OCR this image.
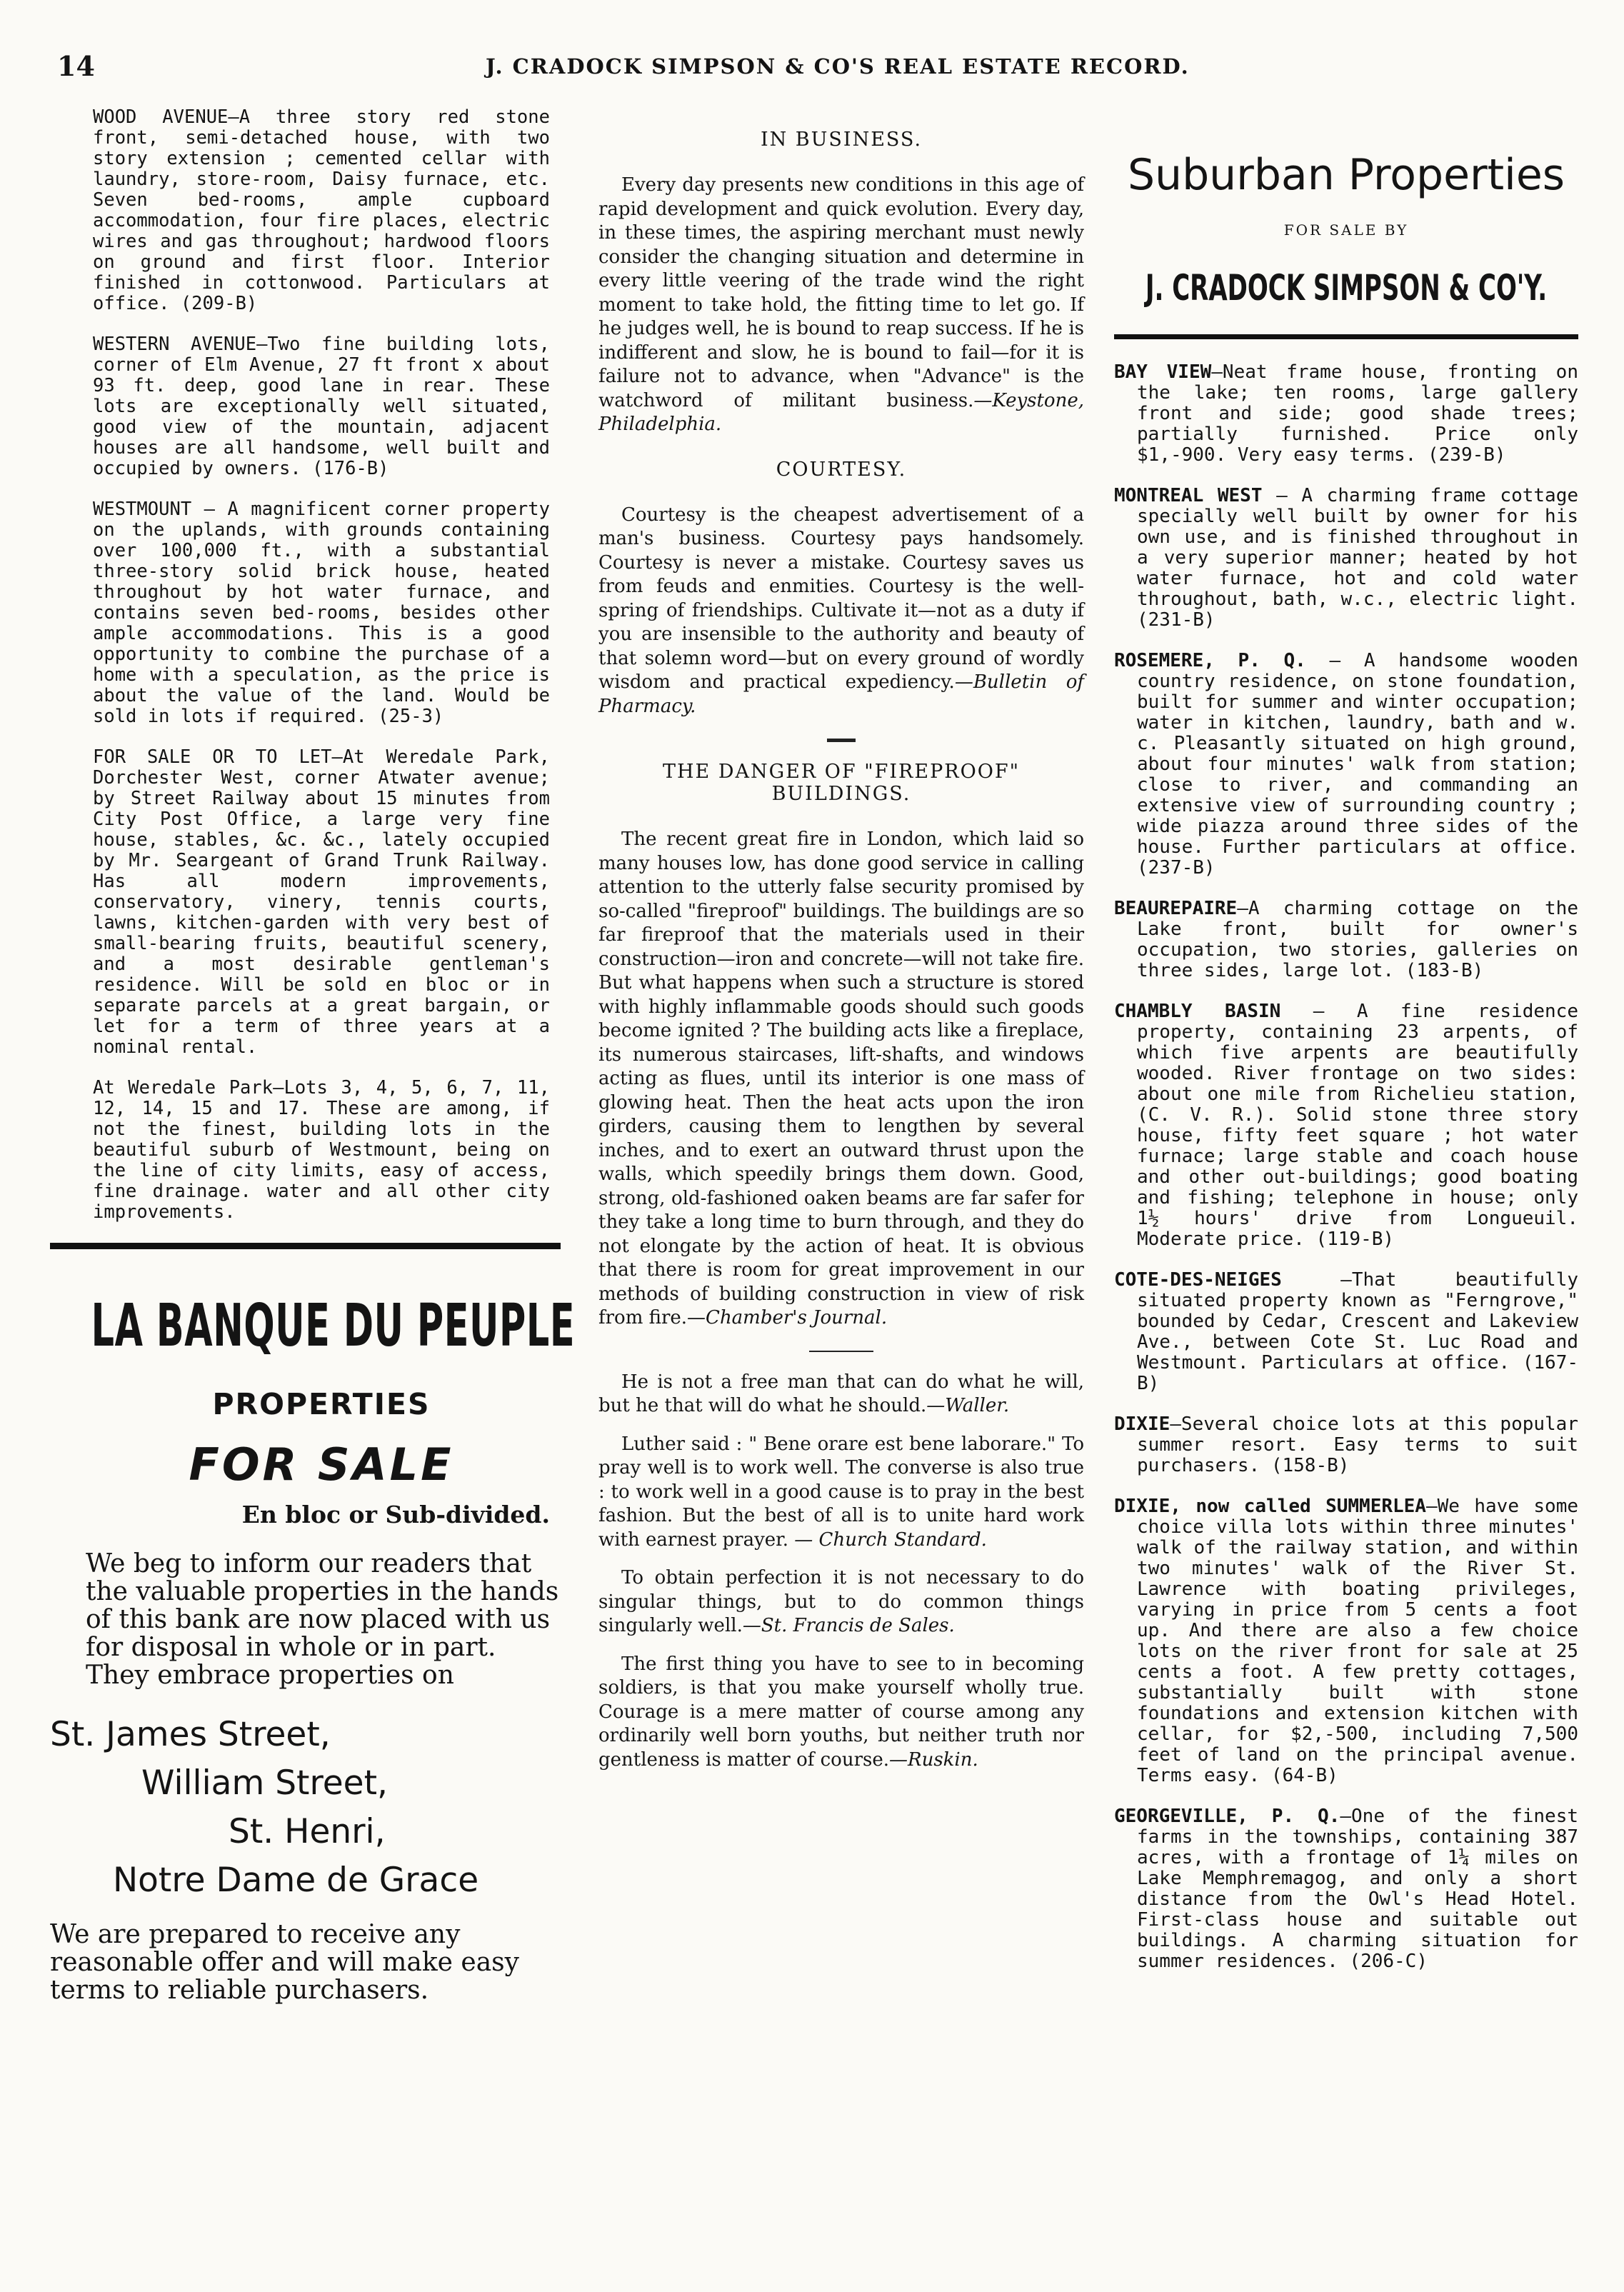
14	J. CRADOCK SIMPSON & CO'S REAL ESTATE RECORD.

WOOD AVENUE—A three story red stone front, semi-detached house, with two story extension ; cemented cellar with laundry, store-room, Daisy furnace, etc. Seven bed-rooms, ample cupboard accommodation, four fire places, electric wires and gas throughout; hardwood floors on ground and first floor. Interior finished in cottonwood. Particulars at office. (209-B)

WESTERN AVENUE—Two fine building lots, corner of Elm Avenue, 27 ft front x about 93 ft. deep, good lane in rear. These lots are exceptionally well situated, good view of the mountain, adjacent houses are all handsome, well built and occupied by owners. (176-B)

WESTMOUNT — A magnificent corner property on the uplands, with grounds containing over 100,000 ft., with a substantial three-story solid brick house, heated throughout by hot water furnace, and contains seven bed-rooms, besides other ample accommodations. This is a good opportunity to combine the purchase of a home with a speculation, as the price is about the value of the land. Would be sold in lots if required. (25-3)

FOR SALE OR TO LET—At Weredale Park, Dorchester West, corner Atwater avenue; by Street Railway about 15 minutes from City Post Office, a large very fine house, stables, &c. &c., lately occupied by Mr. Seargeant of Grand Trunk Railway. Has all modern improvements, conservatory, vinery, tennis courts, lawns, kitchen-garden with very best of small-bearing fruits, beautiful scenery, and a most desirable gentleman's residence. Will be sold en bloc or in separate parcels at a great bargain, or let for a term of three years at a nominal rental.

At Weredale Park—Lots 3, 4, 5, 6, 7, 11, 12, 14, 15 and 17. These are among, if not the finest, building lots in the beautiful suburb of Westmount, being on the line of city limits, easy of access, fine drainage. water and all other city improvements.

LA BANQUE DU PEUPLE
PROPERTIES
FOR SALE
En bloc or Sub-divided.

We beg to inform our readers that the valuable properties in the hands of this bank are now placed with us for disposal in whole or in part.

They embrace properties on

St. James Street,
William Street,
St. Henri,
Notre Dame de Grace
We are prepared to receive any reasonable offer and will make easy terms to reliable purchasers.
IN BUSINESS.

Every day presents new conditions in this age of rapid development and quick evolution. Every day, in these times, the aspiring merchant must newly consider the changing situation and determine in every little veering of the trade wind the right moment to take hold, the fitting time to let go. If he judges well, he is bound to reap success. If he is indifferent and slow, he is bound to fail—for it is failure not to advance, when "Advance" is the watchword of militant business.—Keystone, Philadelphia.

COURTESY.

Courtesy is the cheapest advertisement of a man's business. Courtesy pays handsomely. Courtesy is never a mistake. Courtesy saves us from feuds and enmities. Courtesy is the well-spring of friendships. Cultivate it—not as a duty if you are insensible to the authority and beauty of that solemn word—but on every ground of wordly wisdom and practical expediency.—Bulletin of Pharmacy.

THE DANGER OF "FIREPROOF" BUILDINGS.

The recent great fire in London, which laid so many houses low, has done good service in calling attention to the utterly false security promised by so-called "fireproof" buildings. The buildings are so far fireproof that the materials used in their construction—iron and concrete—will not take fire. But what happens when such a structure is stored with highly inflammable goods should such goods become ignited ? The building acts like a fireplace, its numerous staircases, lift-shafts, and windows acting as flues, until its interior is one mass of glowing heat. Then the heat acts upon the iron girders, causing them to lengthen by several inches, and to exert an outward thrust upon the walls, which speedily brings them down. Good, strong, old-fashioned oaken beams are far safer for they take a long time to burn through, and they do not elongate by the action of heat. It is obvious that there is room for great improvement in our methods of building construction in view of risk from fire.—Chamber's Journal.

He is not a free man that can do what he will, but he that will do what he should.—Waller.

Luther said : " Bene orare est bene laborare." To pray well is to work well. The converse is also true : to work well in a good cause is to pray in the best fashion. But the best of all is to unite hard work with earnest prayer. — Church Standard.

To obtain perfection it is not necessary to do singular things, but to do common things singularly well.—St. Francis de Sales.

The first thing you have to see to in becoming soldiers, is that you make yourself wholly true. Courage is a mere matter of course among any ordinarily well born youths, but neither truth nor gentleness is matter of course.—Ruskin.

Suburban Properties
FOR SALE BY
J. CRADOCK SIMPSON & CO'Y.

BAY VIEW—Neat frame house, fronting on the lake; ten rooms, large gallery front and side; good shade trees; partially furnished. Price only $1,-900. Very easy terms. (239-B)

MONTREAL WEST — A charming frame cottage specially well built by owner for his own use, and is finished throughout in a very superior manner; heated by hot water furnace, hot and cold water throughout, bath, w.c., electric light. (231-B)

ROSEMERE, P. Q. — A handsome wooden country residence, on stone foundation, built for summer and winter occupation; water in kitchen, laundry, bath and w. c. Pleasantly situated on high ground, about four minutes' walk from station; close to river, and commanding an extensive view of surrounding country ; wide piazza around three sides of the house. Further particulars at office. (237-B)

BEAUREPAIRE—A charming cottage on the Lake front, built for owner's occupation, two stories, galleries on three sides, large lot. (183-B)

CHAMBLY BASIN — A fine residence property, containing 23 arpents, of which five arpents are beautifully wooded. River frontage on two sides: about one mile from Richelieu station, (C. V. R.). Solid stone three story house, fifty feet square ; hot water furnace; large stable and coach house and other out-buildings; good boating and fishing; telephone in house; only 1½ hours' drive from Longueuil. Moderate price. (119-B)

COTE-DES-NEIGES —That beautifully situated property known as "Ferngrove," bounded by Cedar, Crescent and Lakeview Ave., between Cote St. Luc Road and Westmount. Particulars at office. (167-B)

DIXIE—Several choice lots at this popular summer resort. Easy terms to suit purchasers. (158-B)

DIXIE, now called SUMMERLEA—We have some choice villa lots within three minutes' walk of the railway station, and within two minutes' walk of the River St. Lawrence with boating privileges, varying in price from 5 cents a foot up. And there are also a few choice lots on the river front for sale at 25 cents a foot. A few pretty cottages, substantially built with stone foundations and extension kitchen with cellar, for $2,-500, including 7,500 feet of land on the principal avenue. Terms easy. (64-B)

GEORGEVILLE, P. Q.—One of the finest farms in the townships, containing 387 acres, with a frontage of 1¼ miles on Lake Memphremagog, and only a short distance from the Owl's Head Hotel. First-class house and suitable out buildings. A charming situation for summer residences. (206-C)
